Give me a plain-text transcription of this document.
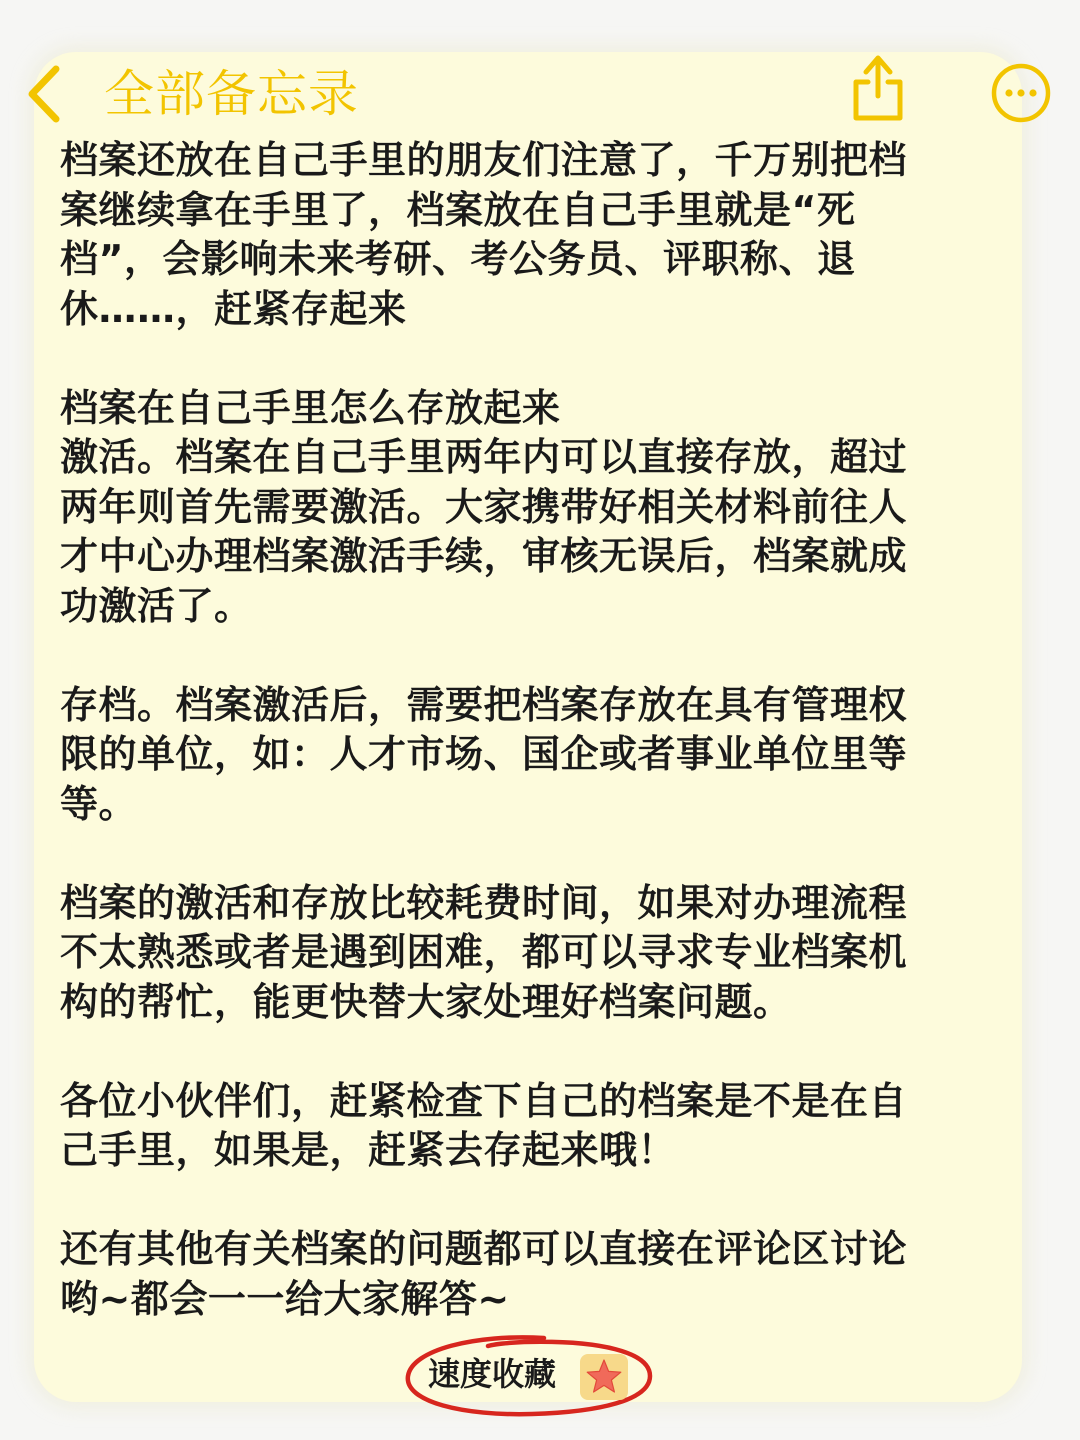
全部备忘录
档案还放在自己手里的朋友们注意了，千万别把档
案继续拿在手里了，档案放在自己手里就是“死
档”，会影响未来考研、考公务员、评职称、退
休……，赶紧存起来
档案在自己手里怎么存放起来
激活。档案在自己手里两年内可以直接存放，超过
两年则首先需要激活。大家携带好相关材料前往人
才中心办理档案激活手续，审核无误后，档案就成
功激活了。
存档。档案激活后，需要把档案存放在具有管理权
限的单位，如：人才市场、国企或者事业单位里等
等。
档案的激活和存放比较耗费时间，如果对办理流程
不太熟悉或者是遇到困难，都可以寻求专业档案机
构的帮忙，能更快替大家处理好档案问题。
各位小伙伴们，赶紧检查下自己的档案是不是在自
己手里，如果是，赶紧去存起来哦！
还有其他有关档案的问题都可以直接在评论区讨论
哟~都会一一给大家解答~
速度收藏
